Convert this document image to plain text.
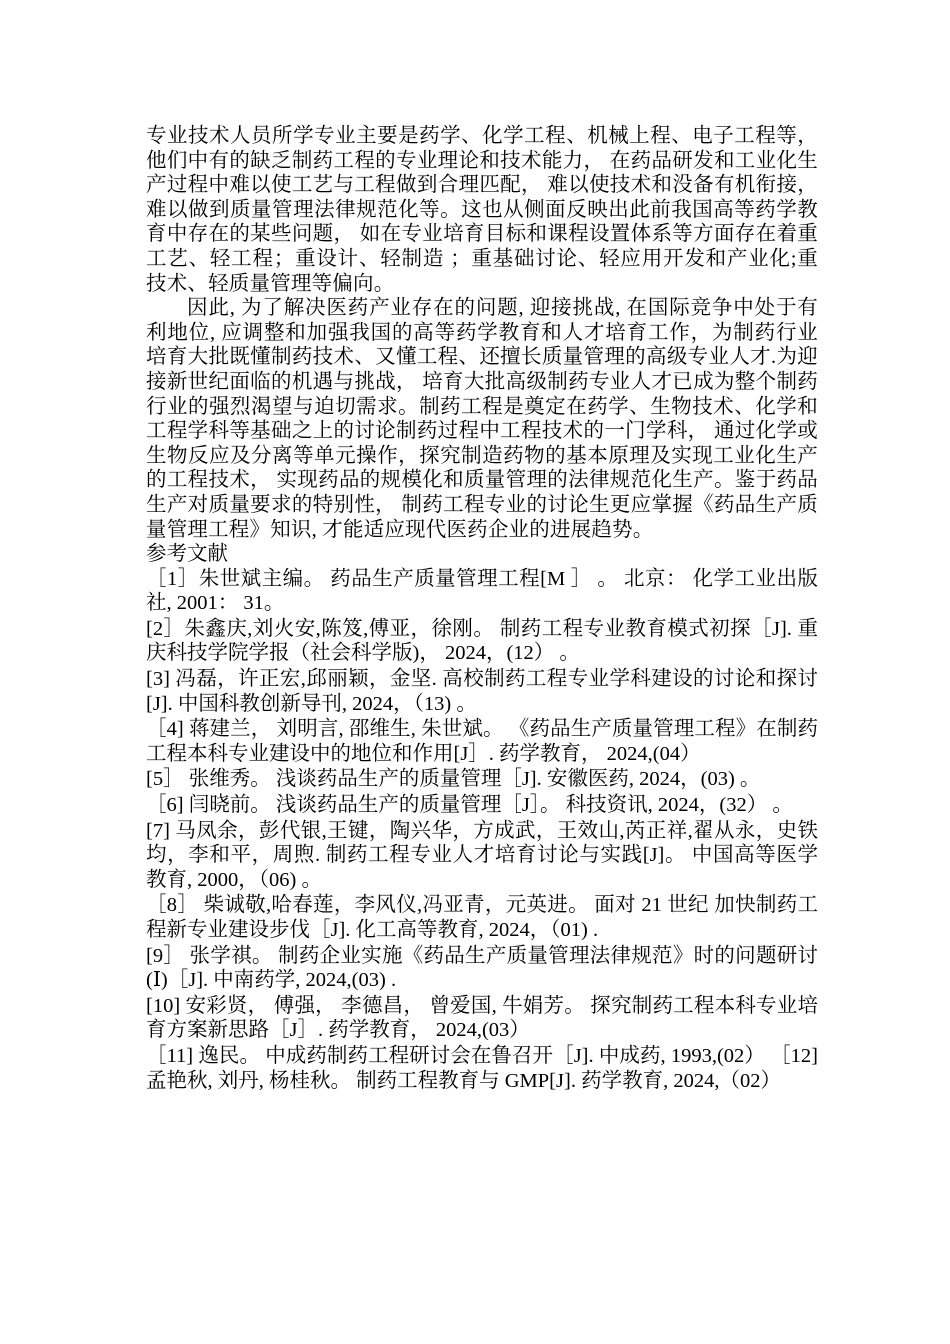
专业技术人员所学专业主要是药学、化学工程、机械上程、电子工程等， 他们中有的缺乏制药工程的专业理论和技术能力， 在药品研发和工业化生产过程中难以使工艺与工程做到合理匹配， 难以使技术和没备有机衔接， 难以做到质量管理法律规范化等。这也从侧面反映出此前我国高等药学教育中存在的某些问题， 如在专业培育目标和课程设置体系等方面存在着重工艺、轻工程；重设计、轻制造 ；重基础讨论、轻应用开发和产业化;重技术、轻质量管理等偏向。

因此, 为了解决医药产业存在的问题, 迎接挑战, 在国际竞争中处于有利地位, 应调整和加强我国的高等药学教育和人才培育工作，为制药行业培育大批既懂制药技术、又懂工程、还擅长质量管理的高级专业人才.为迎接新世纪面临的机遇与挑战， 培育大批高级制药专业人才已成为整个制药行业的强烈渴望与迫切需求。制药工程是奠定在药学、生物技术、化学和工程学科等基础之上的讨论制药过程中工程技术的一门学科， 通过化学或生物反应及分离等单元操作，探究制造药物的基本原理及实现工业化生产的工程技术， 实现药品的规模化和质量管理的法律规范化生产。鉴于药品生产对质量要求的特别性， 制药工程专业的讨论生更应掌握《药品生产质量管理工程》知识, 才能适应现代医药企业的进展趋势。

参考文献

［1］朱世斌主编。 药品生产质量管理工程[M ］ 。 北京： 化学工业出版社, 2001： 31。
[2］朱鑫庆,刘火安,陈笈,傅亚，徐刚。 制药工程专业教育模式初探［J]. 重庆科技学院学报（社会科学版)， 2024，(12） 。
[3] 冯磊，许正宏,邱丽颖，金坚. 高校制药工程专业学科建设的讨论和探讨[J]. 中国科教创新导刊, 2024，（13) 。
［4] 蒋建兰， 刘明言, 邵维生, 朱世斌。 《药品生产质量管理工程》在制药工程本科专业建设中的地位和作用[J］. 药学教育， 2024,(04）
[5］ 张维秀。 浅谈药品生产的质量管理［J]. 安徽医药, 2024，(03) 。
［6] 闫晓前。 浅谈药品生产的质量管理［J］。 科技资讯, 2024，(32） 。
[7] 马凤余，彭代银,王键，陶兴华，方成武，王效山,芮正祥,翟从永，史铁均，李和平，周煦. 制药工程专业人才培育讨论与实践[J]。 中国高等医学教育, 2000，（06) 。
［8］ 柴诚敬,哈春莲，李风仪,冯亚青，元英进。 面对 21 世纪 加快制药工程新专业建设步伐［J]. 化工高等教育, 2024，（01) .
[9］ 张学祺。 制药企业实施《药品生产质量管理法律规范》时的问题研讨(Ⅰ)［J]. 中南药学, 2024,(03) .
[10] 安彩贤， 傅强， 李德昌， 曾爱国, 牛娟芳。 探究制药工程本科专业培育方案新思路［J］. 药学教育， 2024,(03）
［11] 逸民。 中成药制药工程研讨会在鲁召开［J]. 中成药, 1993,(02） ［12] 孟艳秋, 刘丹, 杨桂秋。 制药工程教育与 GMP[J]. 药学教育, 2024,（02）
